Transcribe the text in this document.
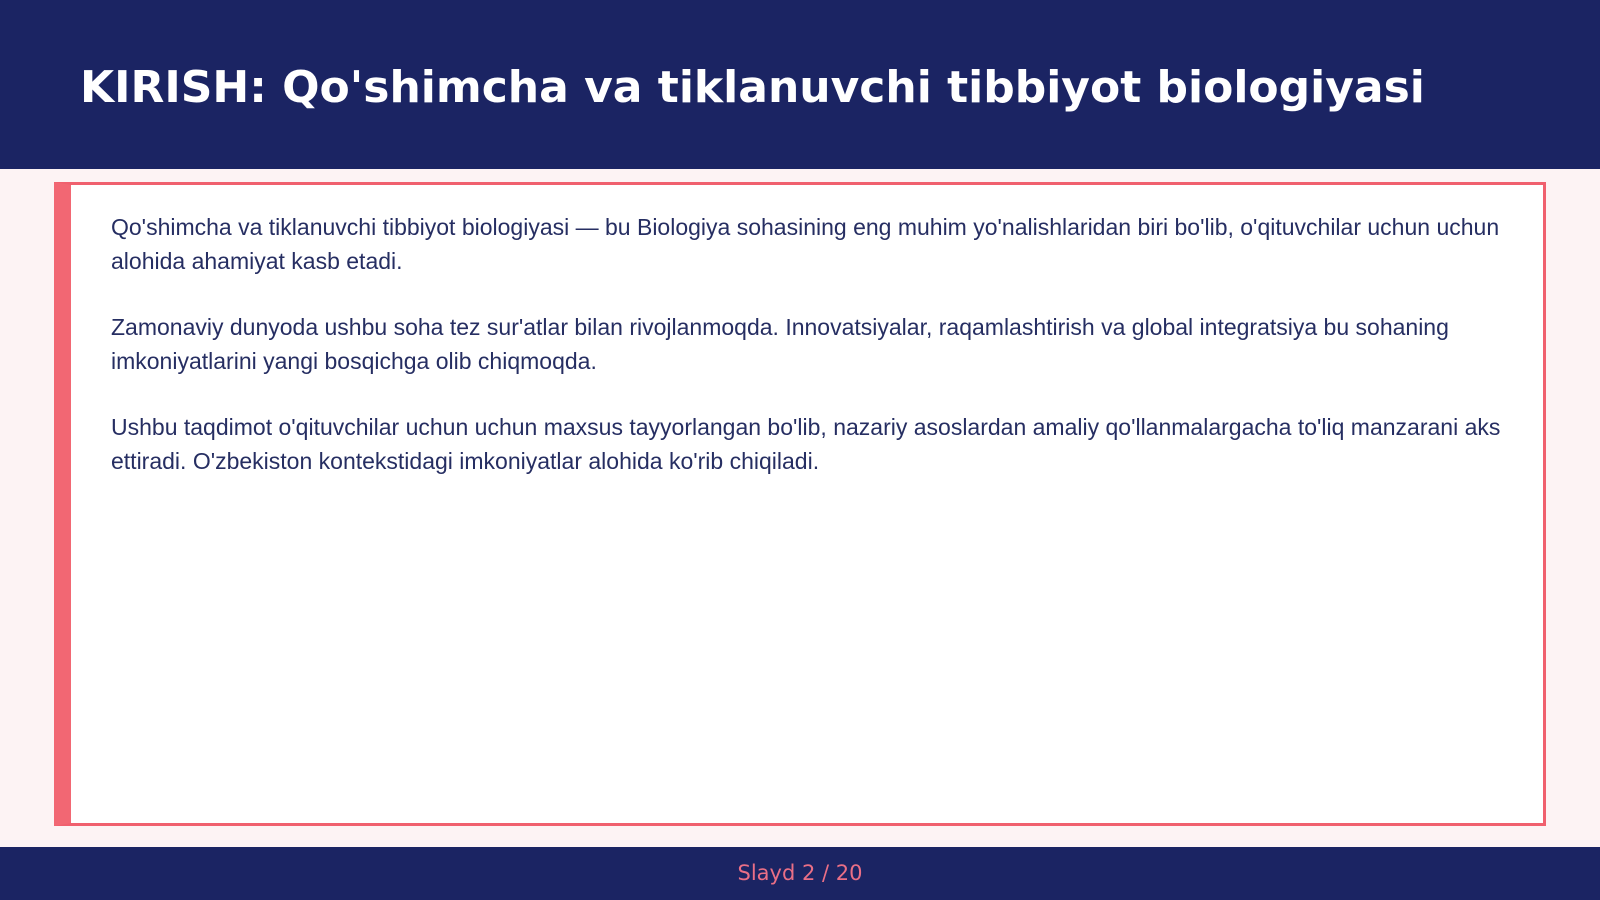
KIRISH: Qo'shimcha va tiklanuvchi tibbiyot biologiyasi

Qo'shimcha va tiklanuvchi tibbiyot biologiyasi — bu Biologiya sohasining eng muhim yo'nalishlaridan biri bo'lib, o'qituvchilar uchun uchun alohida ahamiyat kasb etadi.

Zamonaviy dunyoda ushbu soha tez sur'atlar bilan rivojlanmoqda. Innovatsiyalar, raqamlashtirish va global integratsiya bu sohaning imkoniyatlarini yangi bosqichga olib chiqmoqda.

Ushbu taqdimot o'qituvchilar uchun uchun maxsus tayyorlangan bo'lib, nazariy asoslardan amaliy qo'llanmalargacha to'liq manzarani aks ettiradi. O'zbekiston kontekstidagi imkoniyatlar alohida ko'rib chiqiladi.

Slayd 2 / 20
